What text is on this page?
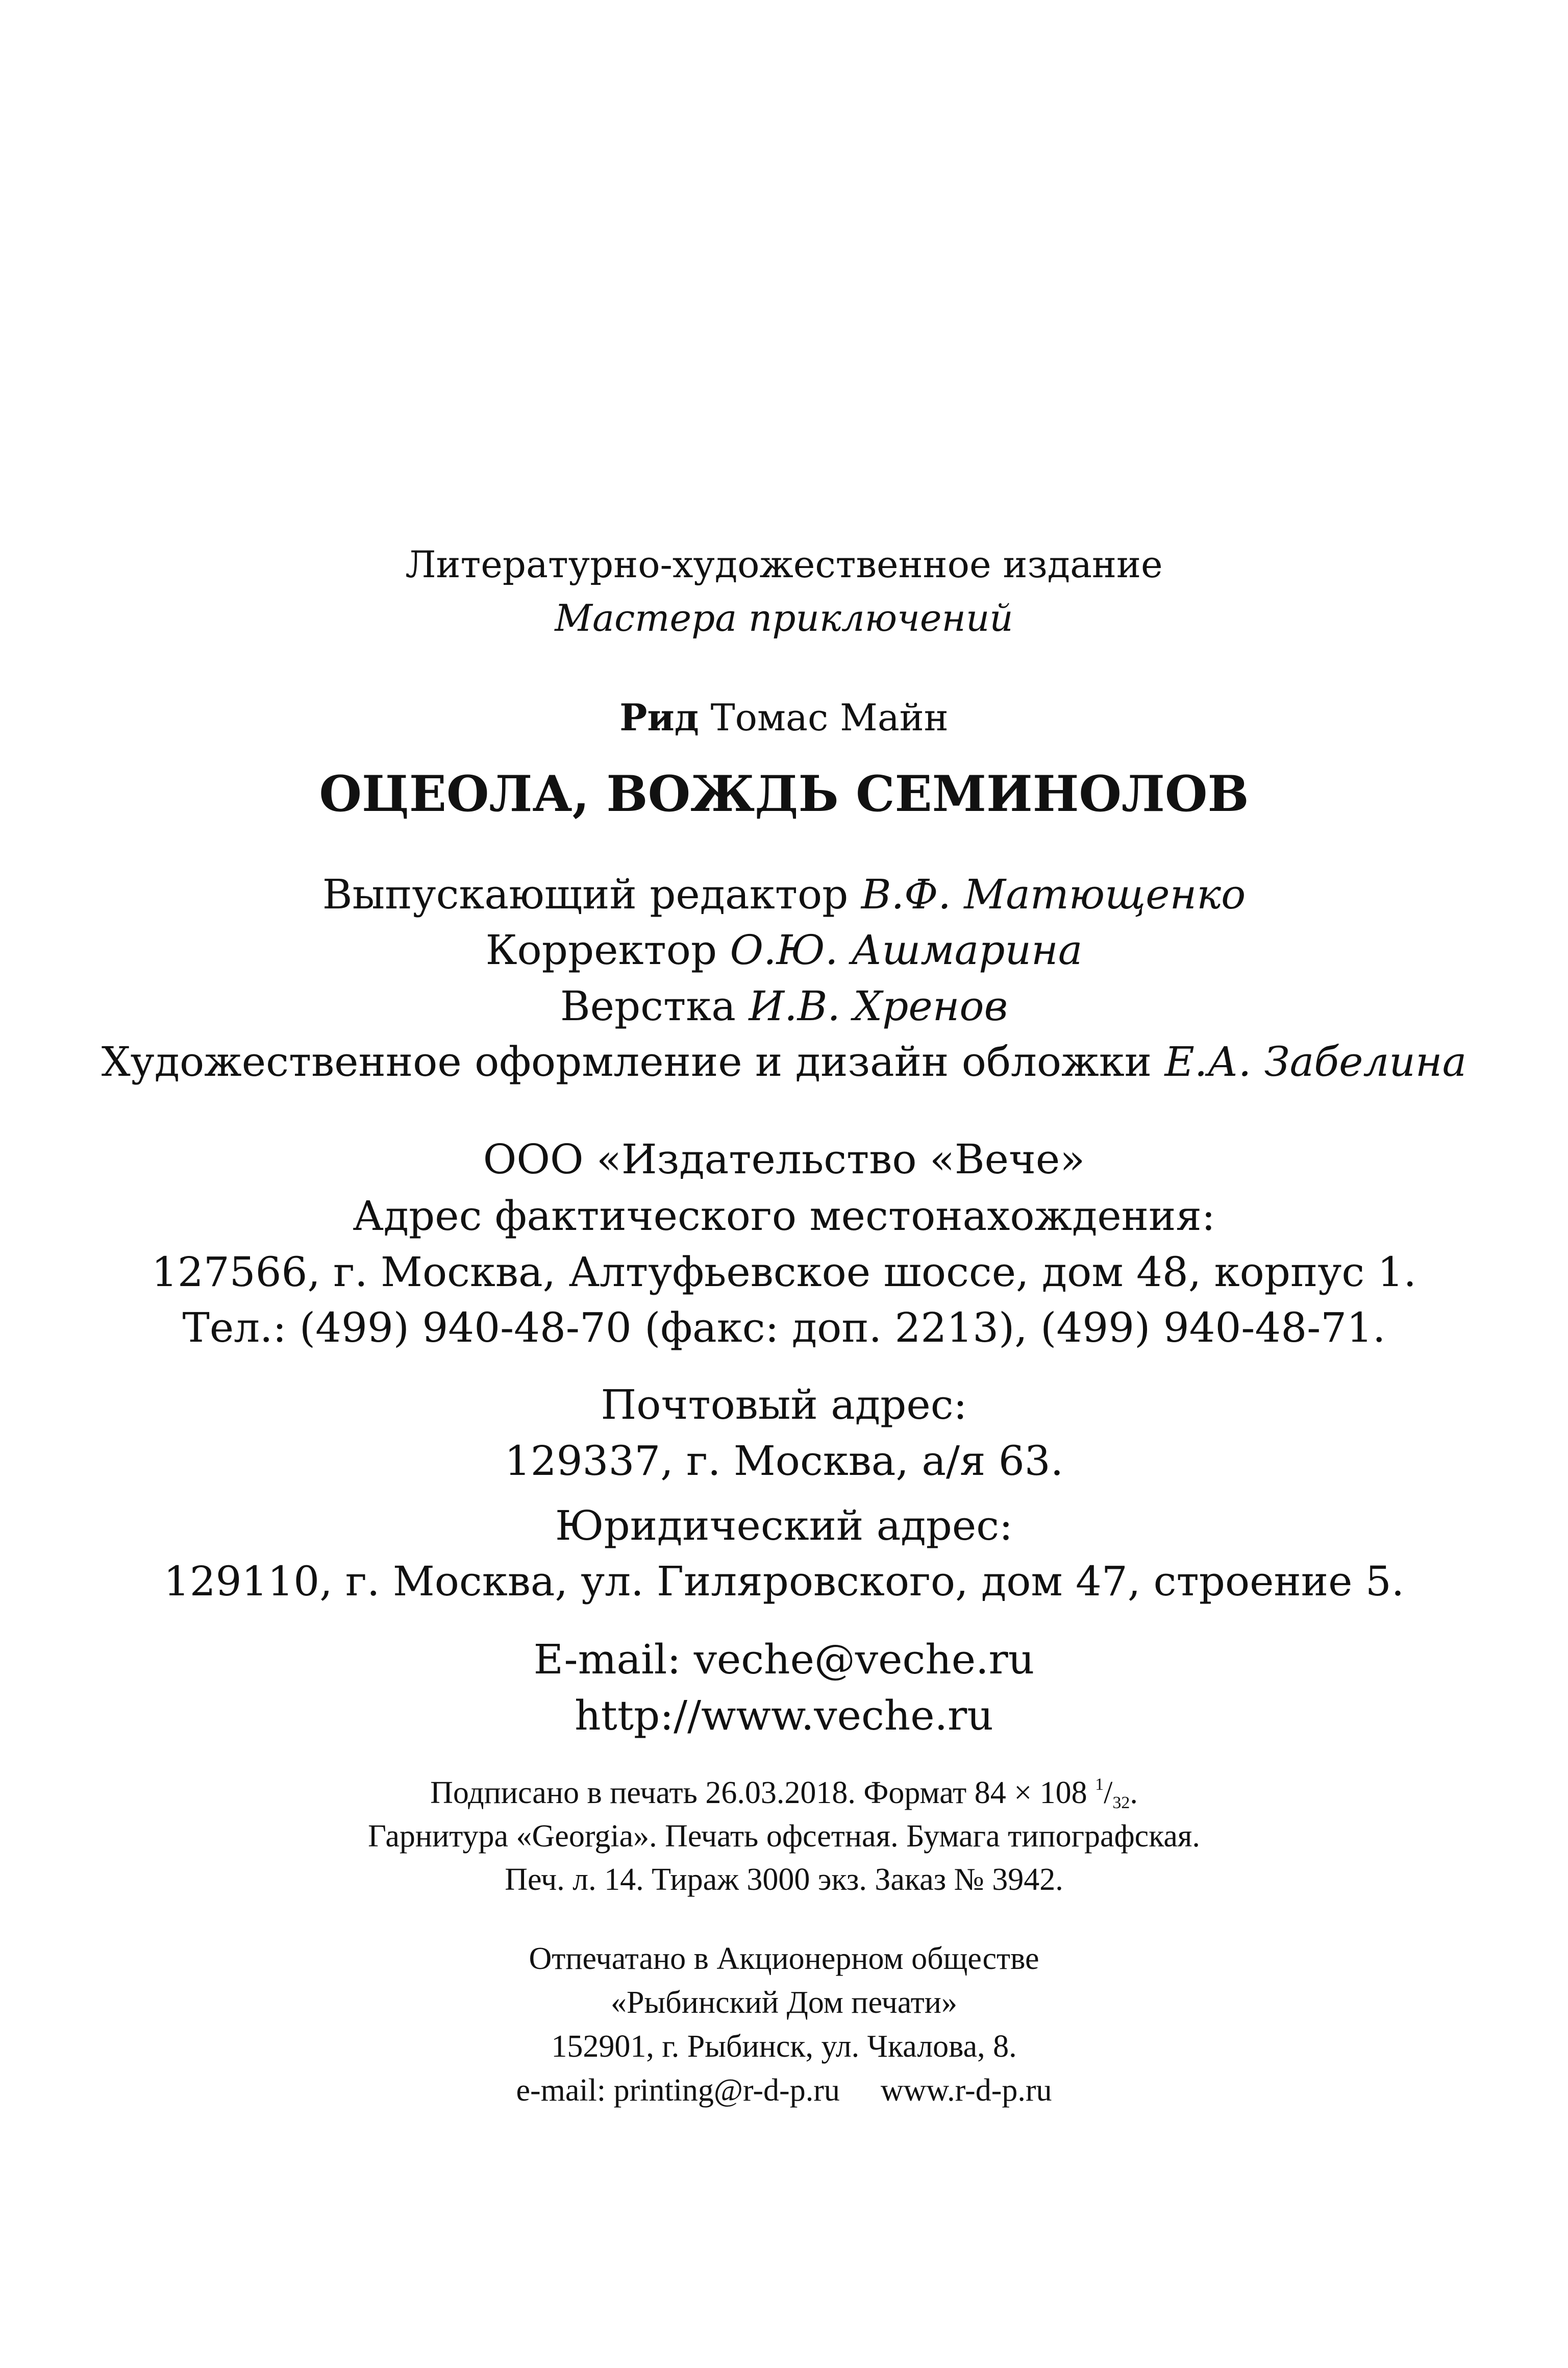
Литературно-художественное издание
Мастера приключений
Рид Томас Майн
ОЦЕОЛА, ВОЖДЬ СЕМИНОЛОВ
Выпускающий редактор В.Ф. Матющенко
Корректор О.Ю. Ашмарина
Верстка И.В. Хренов
Художественное оформление и дизайн обложки Е.А. Забелина
ООО «Издательство «Вече»
Адрес фактического местонахождения:
127566, г. Москва, Алтуфьевское шоссе, дом 48, корпус 1.
Тел.: (499) 940-48-70 (факс: доп. 2213), (499) 940-48-71.
Почтовый адрес:
129337, г. Москва, а/я 63.
Юридический адрес:
129110, г. Москва, ул. Гиляровского, дом 47, строение 5.
E-mail: veche@veche.ru
http://www.veche.ru
Подписано в печать 26.03.2018. Формат 84 × 108 $^1/_{32}$.
Гарнитура «Georgia». Печать офсетная. Бумага типографская.
Печ. л. 14. Тираж 3000 экз. Заказ № 3942.
Отпечатано в Акционерном обществе
«Рыбинский Дом печати»
152901, г. Рыбинск, ул. Чкалова, 8.
e-mail: printing@r-d-p.ru www.r-d-p.ru
